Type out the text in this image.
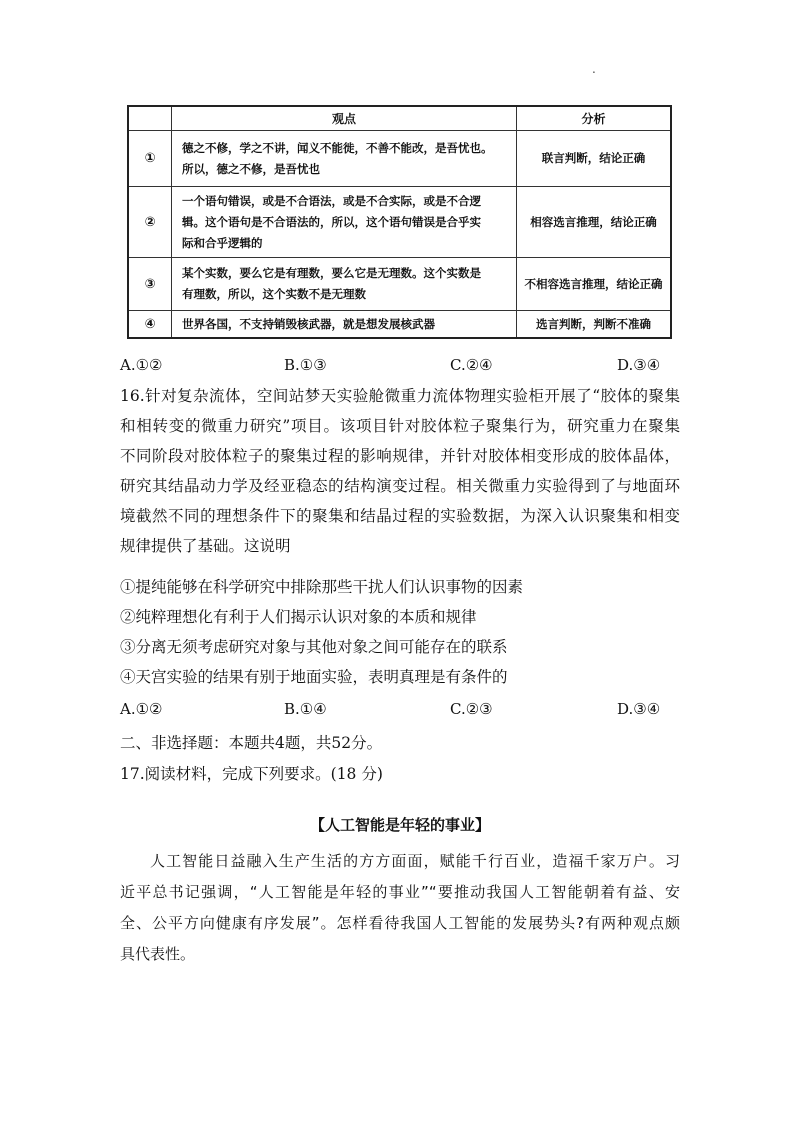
.
	观点	分析
①	德之不修，学之不讲，闻义不能徙，不善不能改，是吾忧也。
所以，德之不修，是吾忧也	联言判断，结论正确
②	一个语句错误，或是不合语法，或是不合实际，或是不合逻
辑。这个语句是不合语法的，所以，这个语句错误是合乎实
际和合乎逻辑的	相容选言推理，结论正确
③	某个实数，要么它是有理数，要么它是无理数。这个实数是
有理数，所以，这个实数不是无理数	不相容选言推理，结论正确
④	世界各国，不支持销毁核武器，就是想发展核武器	选言判断，判断不准确
A.①②	B.①③	C.②④	D.③④
16.针对复杂流体，空间站梦天实验舱微重力流体物理实验柜开展了“胶体的聚集
和相转变的微重力研究”项目。该项目针对胶体粒子聚集行为，研究重力在聚集
不同阶段对胶体粒子的聚集过程的影响规律，并针对胶体相变形成的胶体晶体，
研究其结晶动力学及经亚稳态的结构演变过程。相关微重力实验得到了与地面环
境截然不同的理想条件下的聚集和结晶过程的实验数据，为深入认识聚集和相变
规律提供了基础。这说明
①提纯能够在科学研究中排除那些干扰人们认识事物的因素
②纯粹理想化有利于人们揭示认识对象的本质和规律
③分离无须考虑研究对象与其他对象之间可能存在的联系
④天宫实验的结果有别于地面实验，表明真理是有条件的
A.①②	B.①④	C.②③	D.③④
二、非选择题：本题共4题，共52分。
17.阅读材料，完成下列要求。(18 分)
【人工智能是年轻的事业】
人工智能日益融入生产生活的方方面面，赋能千行百业，造福千家万户。习
近平总书记强调，“人工智能是年轻的事业”“要推动我国人工智能朝着有益、安
全、公平方向健康有序发展”。怎样看待我国人工智能的发展势头?有两种观点颇
具代表性。
